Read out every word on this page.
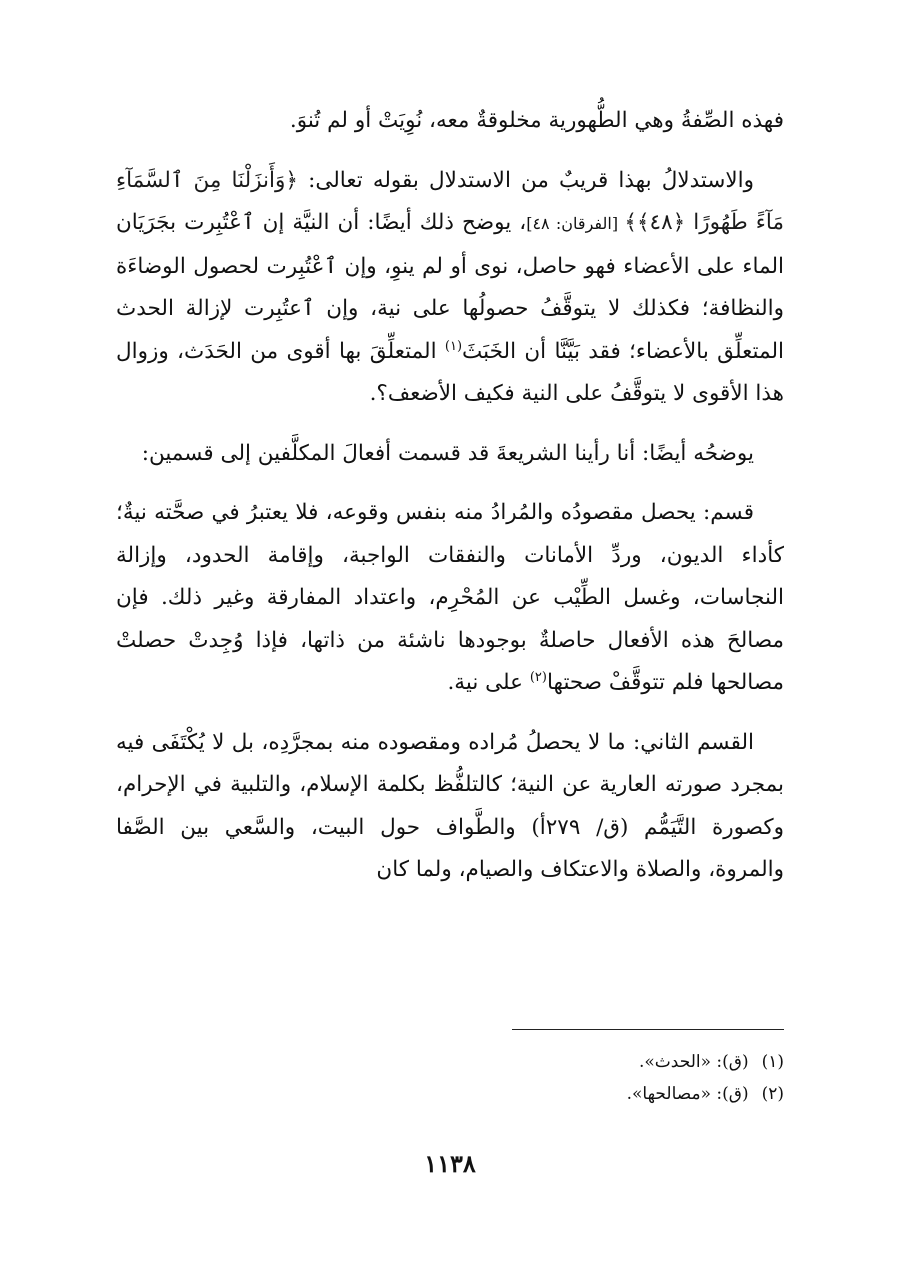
فهذه الصِّفةُ وهي الطُّهورية مخلوقةٌ معه، نُوِيَتْ أو لم تُنوَ.

والاستدلالُ بهذا قريبٌ من الاستدلال بقوله تعالى: ﴿وَأَنزَلْنَا مِنَ ٱلسَّمَآءِ مَآءً طَهُورًا ﴿٤٨﴾﴾ [الفرقان: ٤٨]، يوضح ذلك أيضًا: أن النيَّة إن ٱعْتُبِرت بجَرَيَان الماء على الأعضاء فهو حاصل، نوى أو لم ينوِ، وإن ٱعْتُبِرت لحصول الوضاءَة والنظافة؛ فكذلك لا يتوقَّفُ حصولُها على نية، وإن ٱعتُبِرت لإزالة الحدث المتعلِّق بالأعضاء؛ فقد بَيَّنَّا أن الخَبَثَ$^{(١)}$ المتعلِّقَ بها أقوى من الحَدَث، وزوال هذا الأقوى لا يتوقَّفُ على النية فكيف الأضعف؟.

يوضحُه أيضًا: أنا رأينا الشريعةَ قد قسمت أفعالَ المكلَّفين إلى قسمين:

قسم: يحصل مقصودُه والمُرادُ منه بنفس وقوعه، فلا يعتبرُ في صحَّته نيةٌ؛ كأداء الديون، وردِّ الأمانات والنفقات الواجبة، وإقامة الحدود، وإزالة النجاسات، وغسل الطِّيْب عن المُحْرِم، واعتداد المفارقة وغير ذلك. فإن مصالحَ هذه الأفعال حاصلةٌ بوجودها ناشئة من ذاتها، فإذا وُجِدتْ حصلتْ مصالحها فلم تتوقَّفْ صحتها$^{(٢)}$ على نية.

القسم الثاني: ما لا يحصلُ مُراده ومقصوده منه بمجرَّدِه، بل لا يُكْتَفَى فيه بمجرد صورته العارية عن النية؛ كالتلفُّظ بكلمة الإسلام، والتلبية في الإحرام، وكصورة التَّيَمُّم (ق/ ٢٧٩أ) والطَّواف حول البيت، والسَّعي بين الصَّفا والمروة، والصلاة والاعتكاف والصيام، ولما كان

(١) (ق): «الحدث».
(٢) (ق): «مصالحها».
١١٣٨
